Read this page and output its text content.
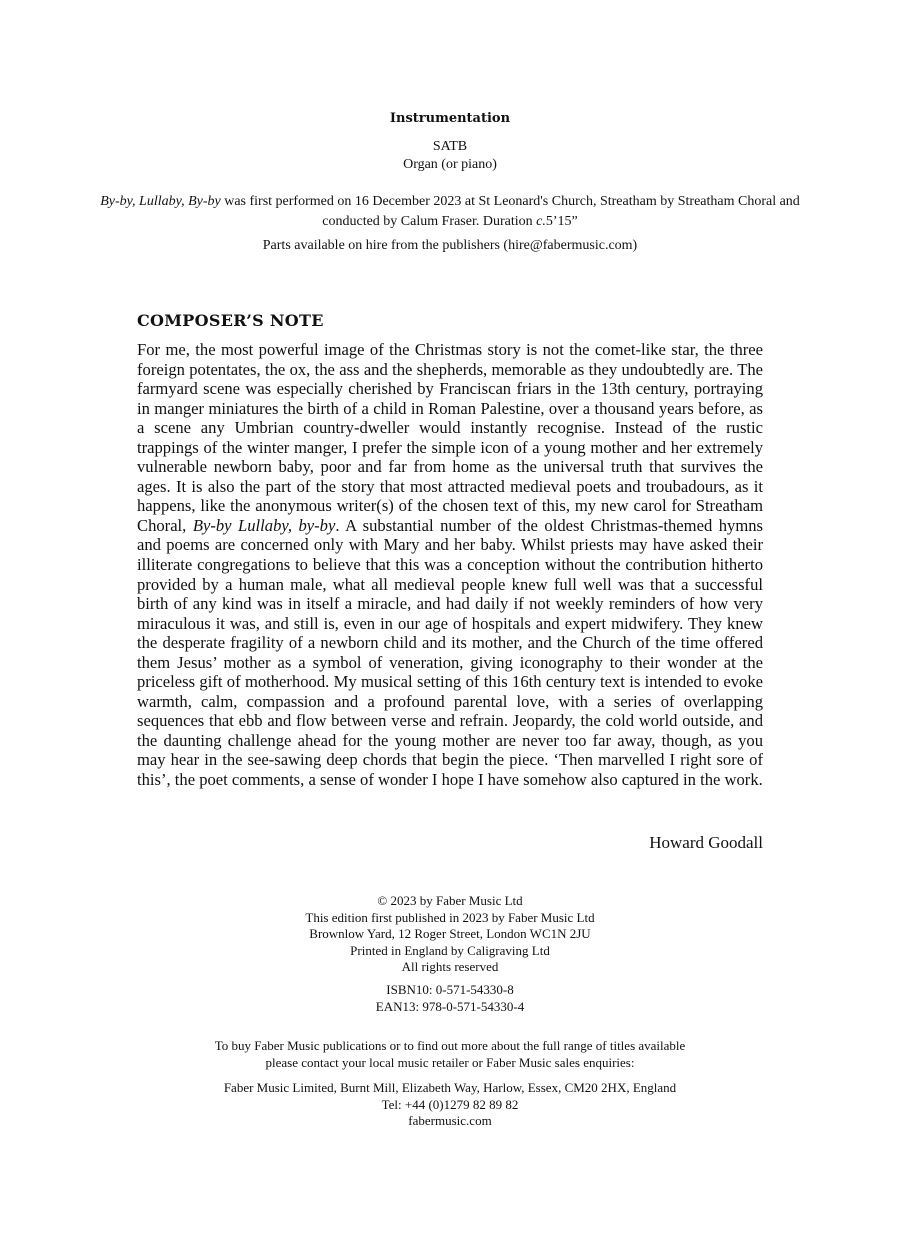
Instrumentation
SATB
Organ (or piano)
By-by, Lullaby, By-by was first performed on 16 December 2023 at St Leonard's Church, Streatham by Streatham Choral and conducted by Calum Fraser. Duration c.5’15”
Parts available on hire from the publishers (hire@fabermusic.com)
COMPOSER’S NOTE
For me, the most powerful image of the Christmas story is not the comet-like star, the three foreign potentates, the ox, the ass and the shepherds, memorable as they undoubtedly are. The farmyard scene was especially cherished by Franciscan friars in the 13th century, portraying in manger miniatures the birth of a child in Roman Palestine, over a thousand years before, as a scene any Umbrian country-dweller would instantly recognise. Instead of the rustic trappings of the winter manger, I prefer the simple icon of a young mother and her extremely vulnerable newborn baby, poor and far from home as the universal truth that survives the ages. It is also the part of the story that most attracted medieval poets and troubadours, as it happens, like the anonymous writer(s) of the chosen text of this, my new carol for Streatham Choral, By-by Lullaby, by-by. A substantial number of the oldest Christmas-themed hymns and poems are concerned only with Mary and her baby. Whilst priests may have asked their illiterate congregations to believe that this was a conception without the contribution hitherto provided by a human male, what all medieval people knew full well was that a successful birth of any kind was in itself a miracle, and had daily if not weekly reminders of how very miraculous it was, and still is, even in our age of hospitals and expert midwifery. They knew the desperate fragility of a newborn child and its mother, and the Church of the time offered them Jesus’ mother as a symbol of veneration, giving iconography to their wonder at the priceless gift of motherhood. My musical setting of this 16th century text is intended to evoke warmth, calm, compassion and a profound parental love, with a series of overlapping sequences that ebb and flow between verse and refrain. Jeopardy, the cold world outside, and the daunting challenge ahead for the young mother are never too far away, though, as you may hear in the see-sawing deep chords that begin the piece. ‘Then marvelled I right sore of this’, the poet comments, a sense of wonder I hope I have somehow also captured in the work.
Howard Goodall
© 2023 by Faber Music Ltd
This edition first published in 2023 by Faber Music Ltd
Brownlow Yard, 12 Roger Street, London WC1N 2JU
Printed in England by Caligraving Ltd
All rights reserved
ISBN10: 0-571-54330-8
EAN13: 978-0-571-54330-4
To buy Faber Music publications or to find out more about the full range of titles available
please contact your local music retailer or Faber Music sales enquiries:
Faber Music Limited, Burnt Mill, Elizabeth Way, Harlow, Essex, CM20 2HX, England
Tel: +44 (0)1279 82 89 82
fabermusic.com
